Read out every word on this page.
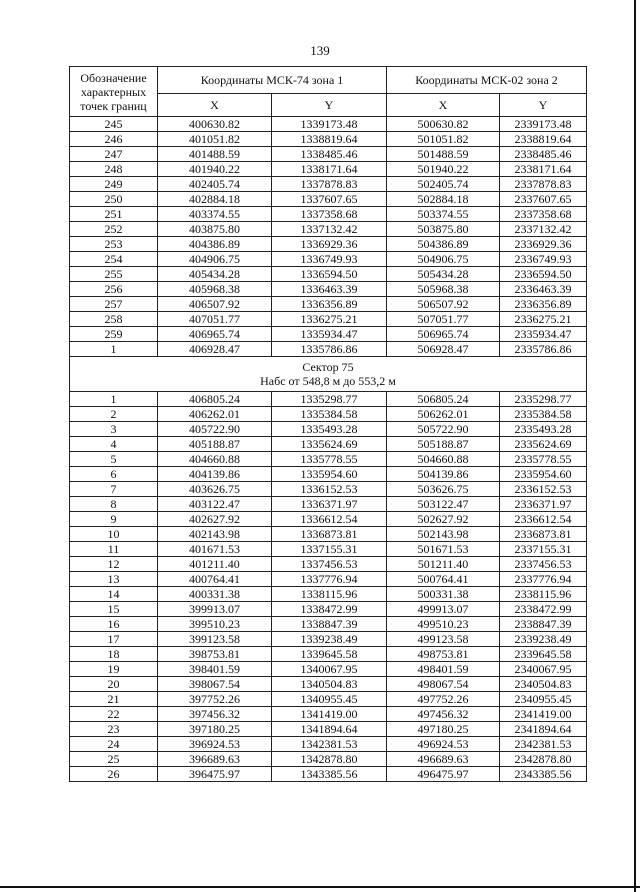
139
Обозначение характерных точек границ	Координаты МСК-74 зона 1		Координаты МСК-02 зона 2	
	X	Y	X	Y
245	400630.82	1339173.48	500630.82	2339173.48
246	401051.82	1338819.64	501051.82	2338819.64
247	401488.59	1338485.46	501488.59	2338485.46
248	401940.22	1338171.64	501940.22	2338171.64
249	402405.74	1337878.83	502405.74	2337878.83
250	402884.18	1337607.65	502884.18	2337607.65
251	403374.55	1337358.68	503374.55	2337358.68
252	403875.80	1337132.42	503875.80	2337132.42
253	404386.89	1336929.36	504386.89	2336929.36
254	404906.75	1336749.93	504906.75	2336749.93
255	405434.28	1336594.50	505434.28	2336594.50
256	405968.38	1336463.39	505968.38	2336463.39
257	406507.92	1336356.89	506507.92	2336356.89
258	407051.77	1336275.21	507051.77	2336275.21
259	406965.74	1335934.47	506965.74	2335934.47
1	406928.47	1335786.86	506928.47	2335786.86

Сектор 75
Набс от 548,8 м до 553,2 м				

1	406805.24	1335298.77	506805.24	2335298.77
2	406262.01	1335384.58	506262.01	2335384.58
3	405722.90	1335493.28	505722.90	2335493.28
4	405188.87	1335624.69	505188.87	2335624.69
5	404660.88	1335778.55	504660.88	2335778.55
6	404139.86	1335954.60	504139.86	2335954.60
7	403626.75	1336152.53	503626.75	2336152.53
8	403122.47	1336371.97	503122.47	2336371.97
9	402627.92	1336612.54	502627.92	2336612.54
10	402143.98	1336873.81	502143.98	2336873.81
11	401671.53	1337155.31	501671.53	2337155.31
12	401211.40	1337456.53	501211.40	2337456.53
13	400764.41	1337776.94	500764.41	2337776.94
14	400331.38	1338115.96	500331.38	2338115.96
15	399913.07	1338472.99	499913.07	2338472.99
16	399510.23	1338847.39	499510.23	2338847.39
17	399123.58	1339238.49	499123.58	2339238.49
18	398753.81	1339645.58	498753.81	2339645.58
19	398401.59	1340067.95	498401.59	2340067.95
20	398067.54	1340504.83	498067.54	2340504.83
21	397752.26	1340955.45	497752.26	2340955.45
22	397456.32	1341419.00	497456.32	2341419.00
23	397180.25	1341894.64	497180.25	2341894.64
24	396924.53	1342381.53	496924.53	2342381.53
25	396689.63	1342878.80	496689.63	2342878.80
26	396475.97	1343385.56	496475.97	2343385.56
